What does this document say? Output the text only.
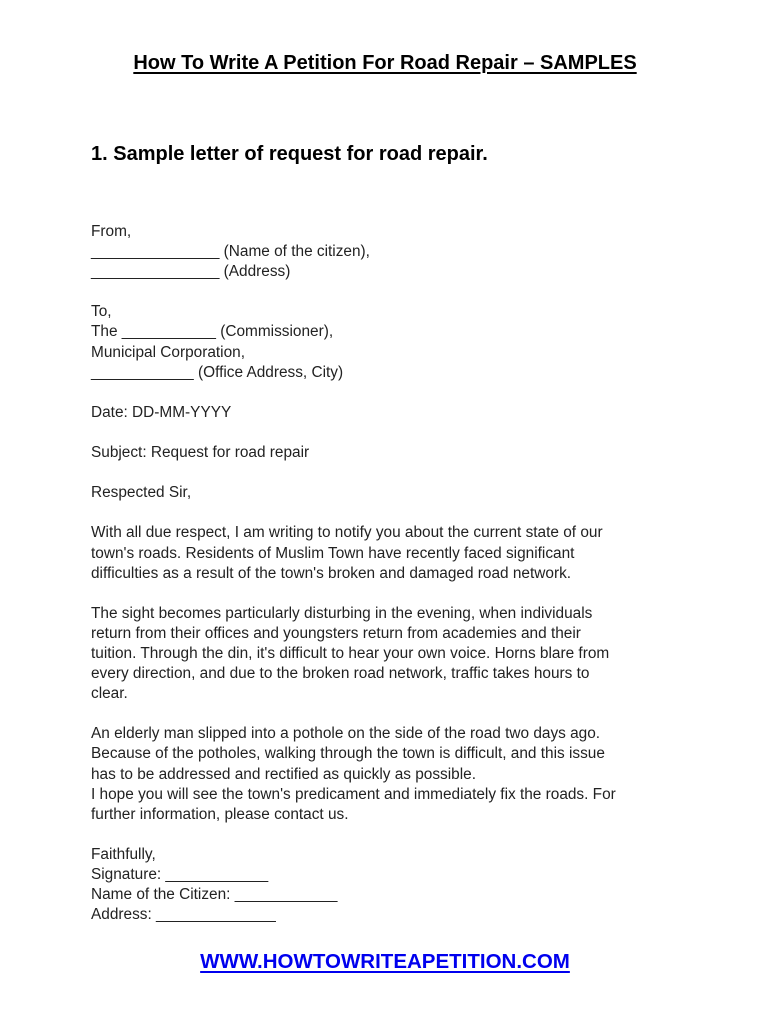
How To Write A Petition For Road Repair – SAMPLES
1. Sample letter of request for road repair.
From,
_______________ (Name of the citizen),
_______________ (Address)
To,
The ___________ (Commissioner),
Municipal Corporation,
____________ (Office Address, City)
Date: DD-MM-YYYY
Subject: Request for road repair
Respected Sir,
With all due respect, I am writing to notify you about the current state of our
town's roads. Residents of Muslim Town have recently faced significant
difficulties as a result of the town's broken and damaged road network.
The sight becomes particularly disturbing in the evening, when individuals
return from their offices and youngsters return from academies and their
tuition. Through the din, it's difficult to hear your own voice. Horns blare from
every direction, and due to the broken road network, traffic takes hours to
clear.
An elderly man slipped into a pothole on the side of the road two days ago.
Because of the potholes, walking through the town is difficult, and this issue
has to be addressed and rectified as quickly as possible.
I hope you will see the town's predicament and immediately fix the roads. For
further information, please contact us.
Faithfully,
Signature: ____________
Name of the Citizen: ____________
Address: ______________
WWW.HOWTOWRITEAPETITION.COM
